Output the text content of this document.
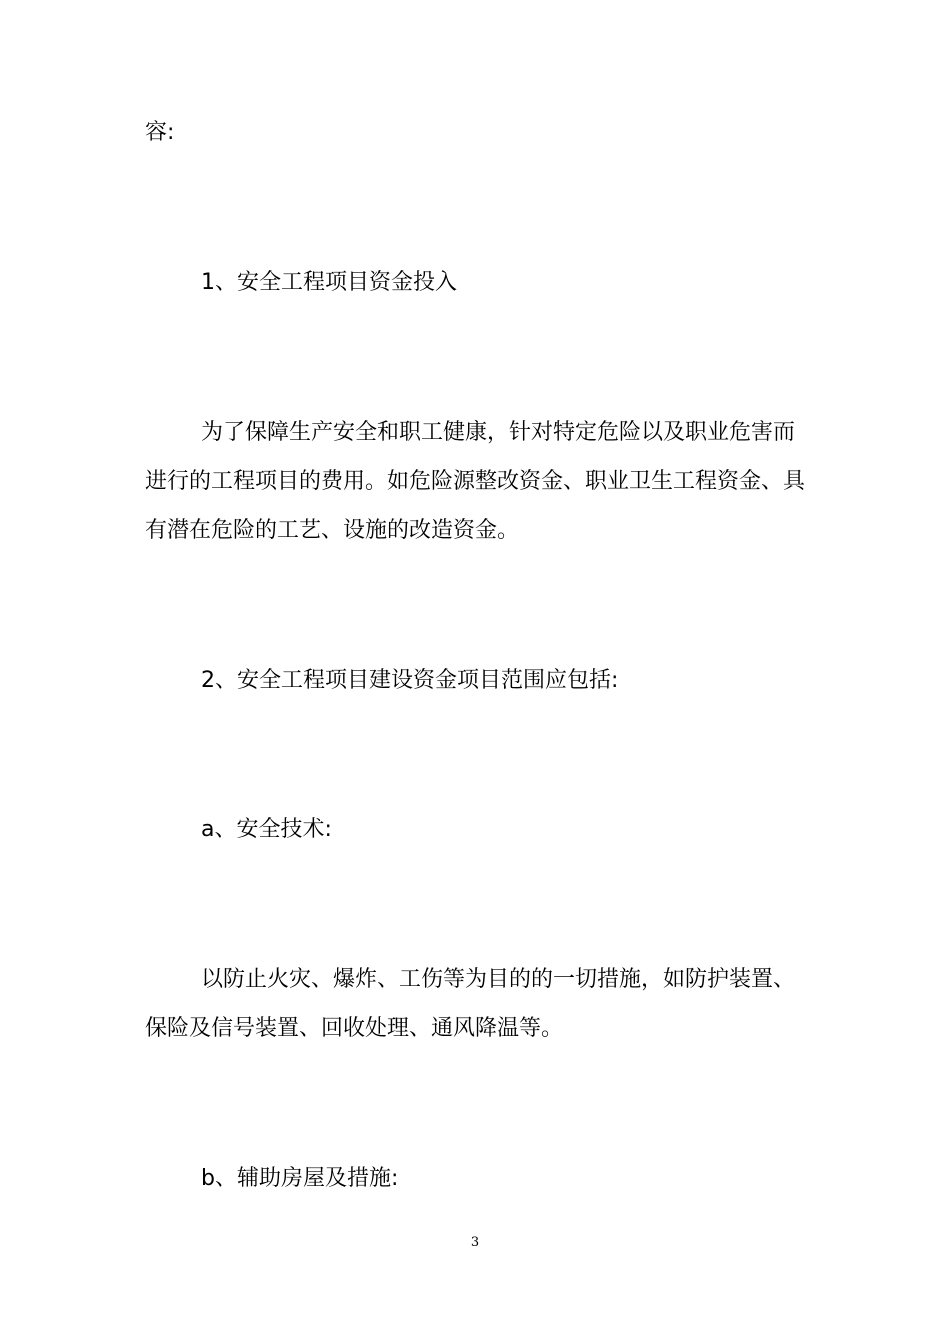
容:

1、安全工程项目资金投入

为了保障生产安全和职工健康，针对特定危险以及职业危害而进行的工程项目的费用。如危险源整改资金、职业卫生工程资金、具有潜在危险的工艺、设施的改造资金。

2、安全工程项目建设资金项目范围应包括:

a、安全技术:

以防止火灾、爆炸、工伤等为目的的一切措施，如防护装置、保险及信号装置、回收处理、通风降温等。

b、辅助房屋及措施:

3
